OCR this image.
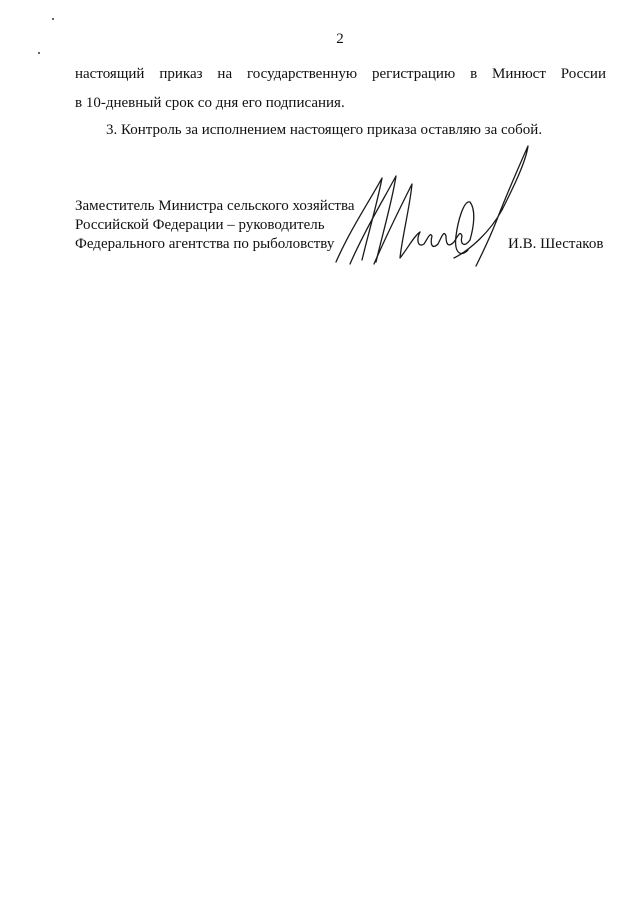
2
настоящий приказ на государственную регистрацию в Минюст России
в 10-дневный срок со дня его подписания.
3. Контроль за исполнением настоящего приказа оставляю за собой.
Заместитель Министра сельского хозяйства
Российской Федерации – руководитель
Федерального агентства по рыболовству	И.В. Шестаков
